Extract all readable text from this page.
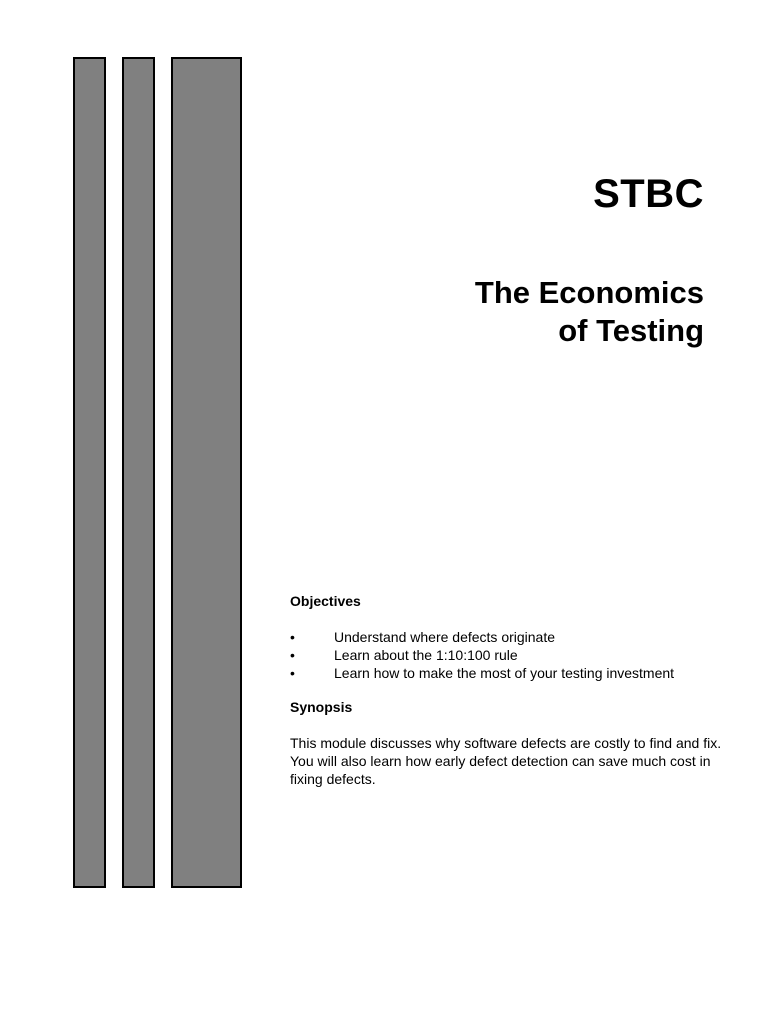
STBC
The Economics
of Testing
Objectives
•	Understand where defects originate
•	Learn about the 1:10:100 rule
•	Learn how to make the most of your testing investment
Synopsis

This module discusses why software defects are costly to find and fix. You will also learn how early defect detection can save much cost in fixing defects.
